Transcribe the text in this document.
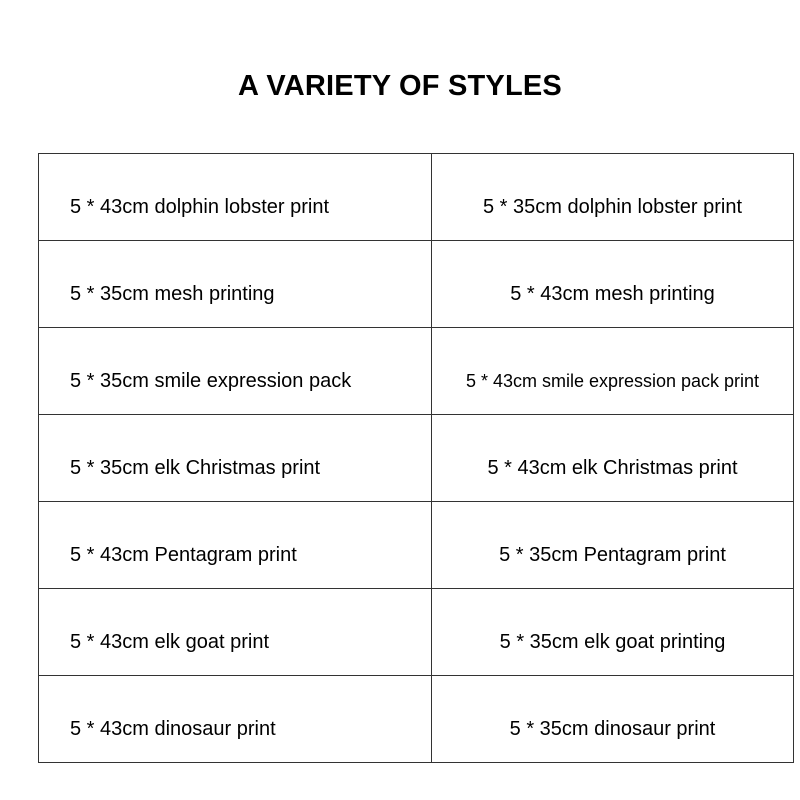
A VARIETY OF STYLES
5 * 43cm dolphin lobster print	5 * 35cm dolphin lobster print
5 * 35cm mesh printing	5 * 43cm mesh printing
5 * 35cm smile expression pack	5 * 43cm smile expression pack print
5 * 35cm elk Christmas print	5 * 43cm elk Christmas print
5 * 43cm Pentagram print	5 * 35cm Pentagram print
5 * 43cm elk goat print	5 * 35cm elk goat printing
5 * 43cm dinosaur print	5 * 35cm dinosaur print
